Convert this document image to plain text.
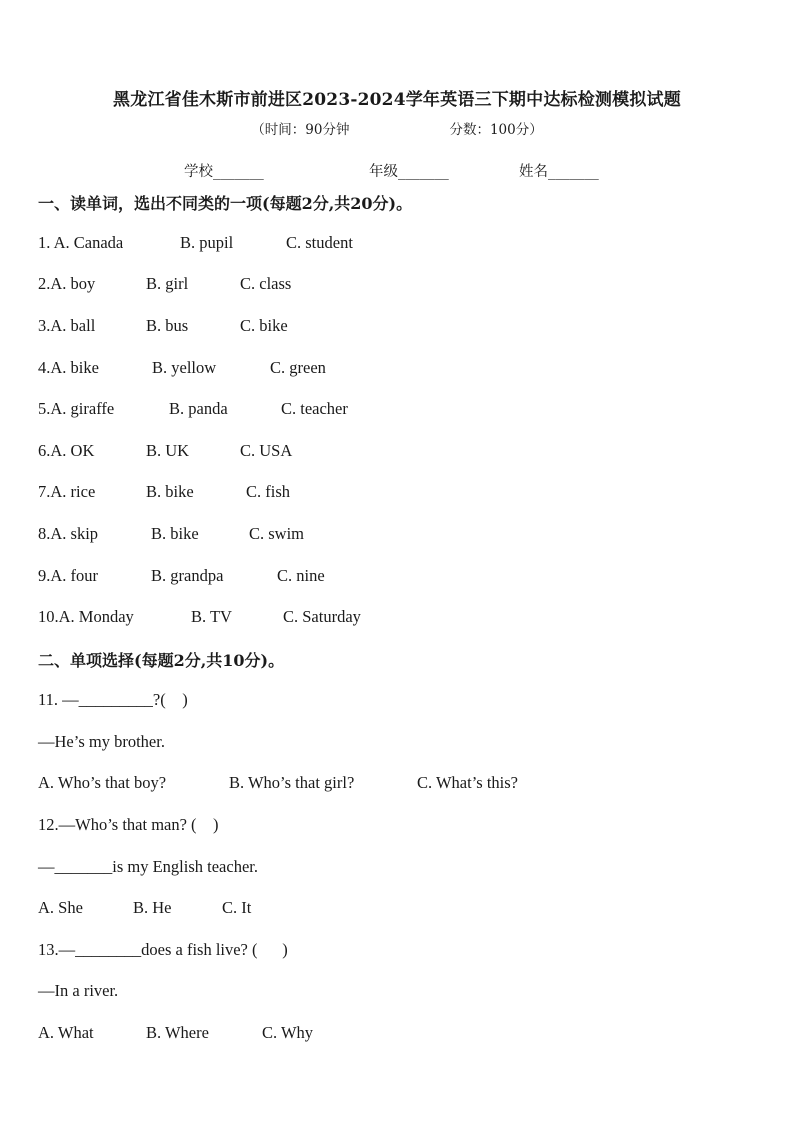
黑龙江省佳木斯市前进区2023-2024学年英语三下期中达标检测模拟试题
（时间：90分钟	分数：100分）
学校_______	年级_______	姓名_______
一、读单词，选出不同类的一项(每题2分,共20分)。
1. A. Canada	B. pupil	C. student
2.A. boy	B. girl	C. class
3.A. ball	B. bus	C. bike
4.A. bike	B. yellow	C. green
5.A. giraffe	B. panda	C. teacher
6.A. OK	B. UK	C. USA
7.A. rice	B. bike	C. fish
8.A. skip	B. bike	C. swim
9.A. four	B. grandpa	C. nine
10.A. Monday	B. TV	C. Saturday
二、单项选择(每题2分,共10分)。
11. —_________?(    )
—He’s my brother.
A. Who’s that boy?	B. Who’s that girl?	C. What’s this?
12.—Who’s that man? (    )
—_______is my English teacher.
A. She	B. He	C. It
13.—________does a fish live? (      )
—In a river.
A. What	B. Where	C. Why
